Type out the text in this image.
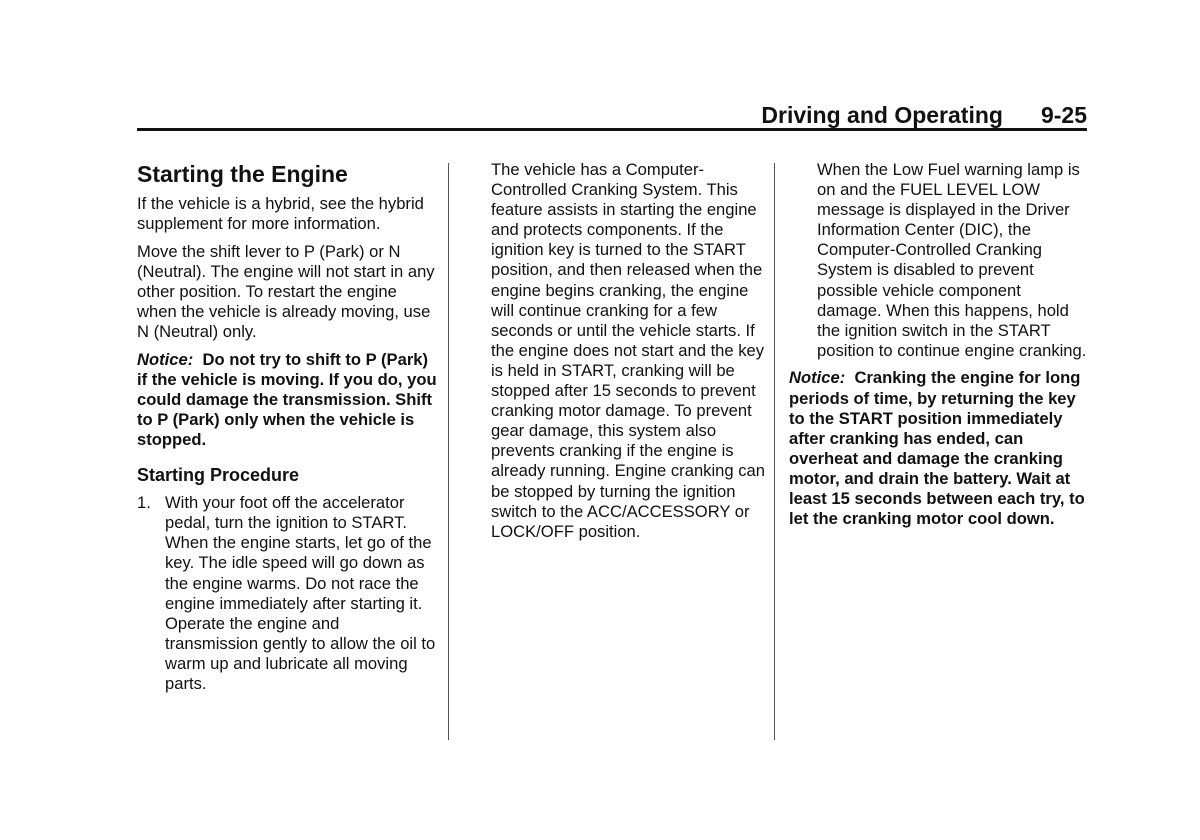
Driving and Operating 9-25
Starting the Engine

If the vehicle is a hybrid, see the hybrid supplement for more information.

Move the shift lever to P (Park) or N (Neutral). The engine will not start in any other position. To restart the engine when the vehicle is already moving, use N (Neutral) only.

Notice: Do not try to shift to P (Park) if the vehicle is moving. If you do, you could damage the transmission. Shift to P (Park) only when the vehicle is stopped.

Starting Procedure
1. With your foot off the accelerator pedal, turn the ignition to START. When the engine starts, let go of the key. The idle speed will go down as the engine warms. Do not race the engine immediately after starting it. Operate the engine and transmission gently to allow the oil to warm up and lubricate all moving parts.

The vehicle has a Computer-Controlled Cranking System. This feature assists in starting the engine and protects components. If the ignition key is turned to the START position, and then released when the engine begins cranking, the engine will continue cranking for a few seconds or until the vehicle starts. If the engine does not start and the key is held in START, cranking will be stopped after 15 seconds to prevent cranking motor damage. To prevent gear damage, this system also prevents cranking if the engine is already running. Engine cranking can be stopped by turning the ignition switch to the ACC/ACCESSORY or LOCK/OFF position.

When the Low Fuel warning lamp is on and the FUEL LEVEL LOW message is displayed in the Driver Information Center (DIC), the Computer-Controlled Cranking System is disabled to prevent possible vehicle component damage. When this happens, hold the ignition switch in the START position to continue engine cranking.

Notice: Cranking the engine for long periods of time, by returning the key to the START position immediately after cranking has ended, can overheat and damage the cranking motor, and drain the battery. Wait at least 15 seconds between each try, to let the cranking motor cool down.
